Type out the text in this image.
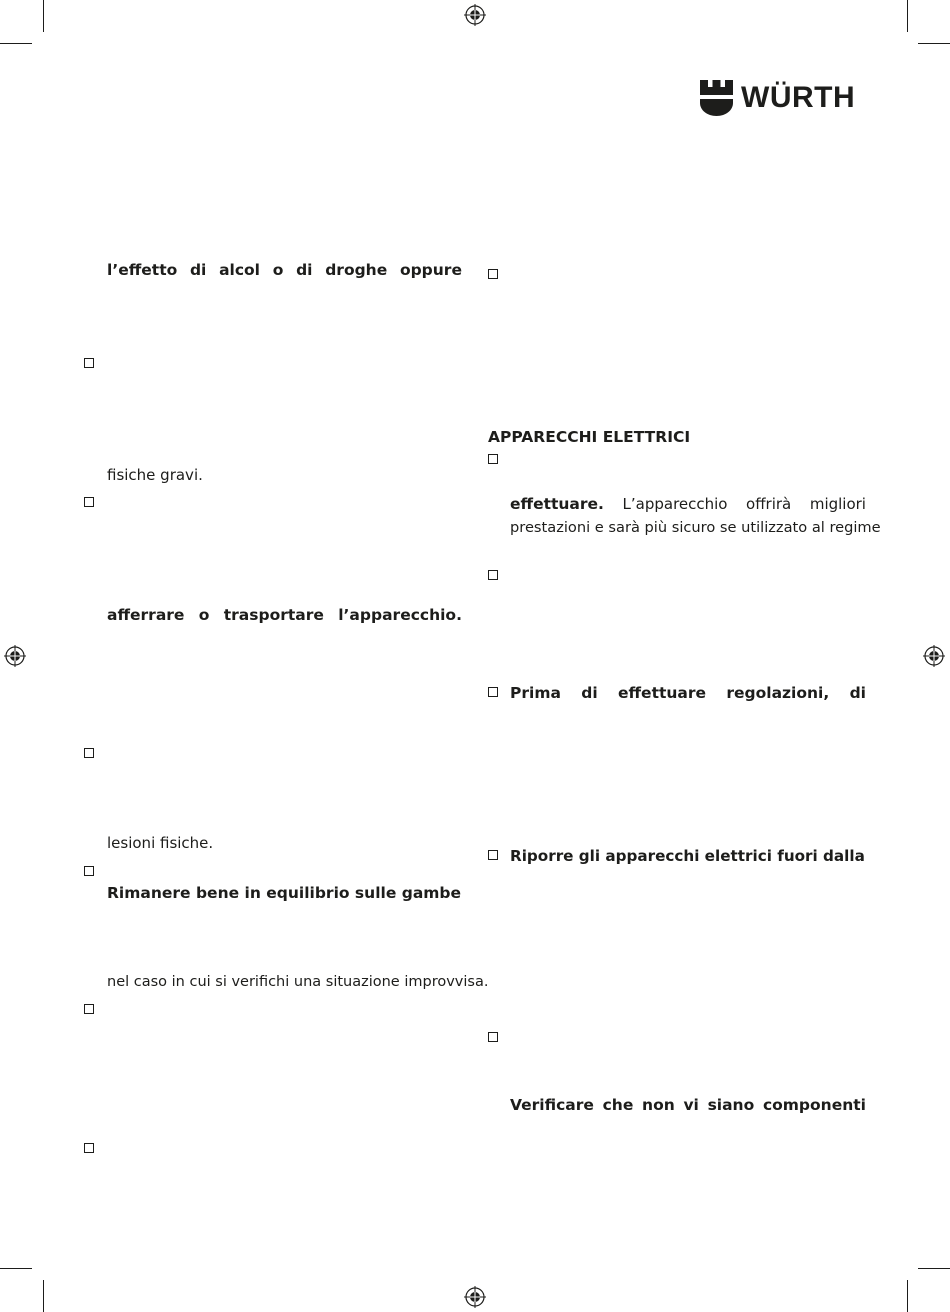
WÜRTH
l’effetto di alcol o di droghe oppure
fisiche gravi.
afferrare o trasportare l’apparecchio.
lesioni fisiche.
Rimanere bene in equilibrio sulle gambe
nel caso in cui si verifichi una situazione improvvisa.
APPARECCHI ELETTRICI
effettuare. L’apparecchio offrirà migliori
prestazioni e sarà più sicuro se utilizzato al regime
Prima di effettuare regolazioni, di
Riporre gli apparecchi elettrici fuori dalla
Verificare che non vi siano componenti
